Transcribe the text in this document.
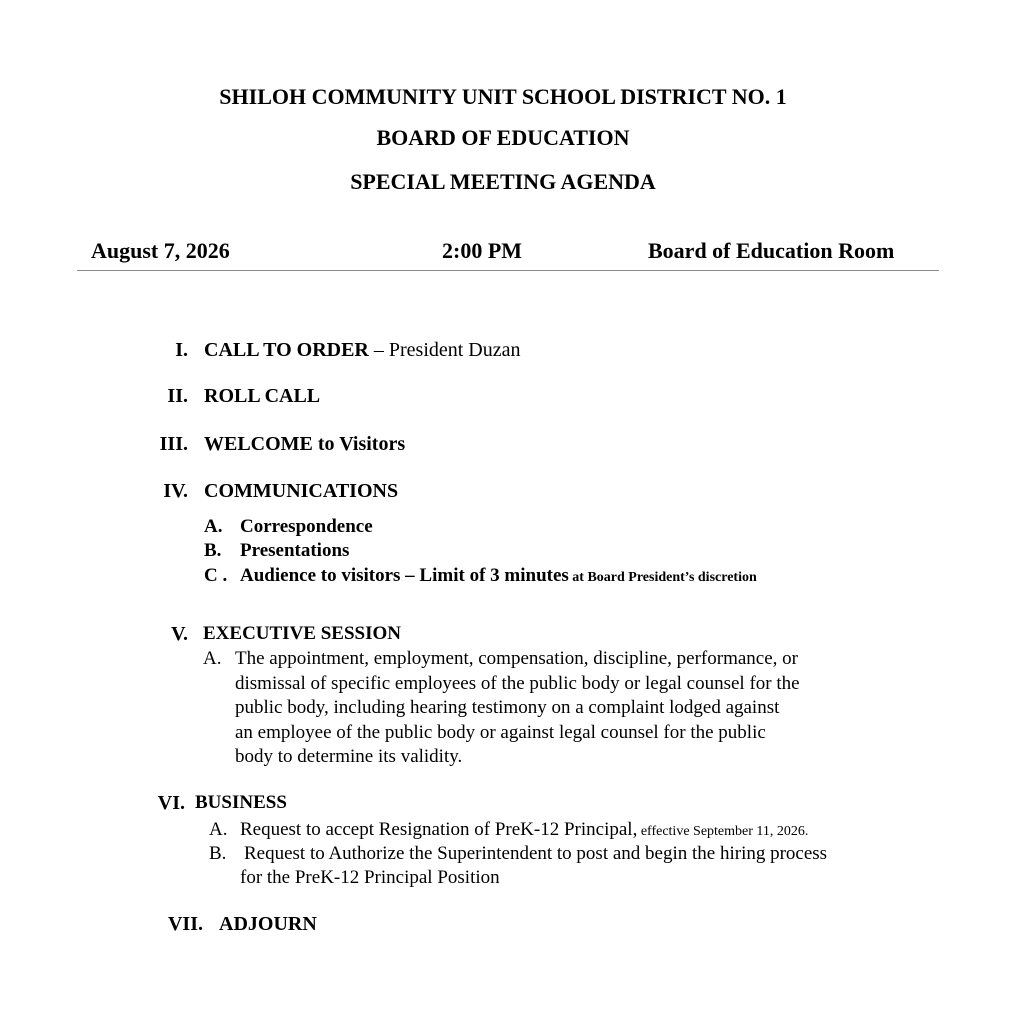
SHILOH COMMUNITY UNIT SCHOOL DISTRICT NO. 1
BOARD OF EDUCATION
SPECIAL MEETING AGENDA
August 7, 2026	2:00 PM	Board of Education Room
I. CALL TO ORDER – President Duzan
II. ROLL CALL
III. WELCOME to Visitors
IV. COMMUNICATIONS
A. Correspondence
B. Presentations
C . Audience to visitors – Limit of 3 minutes at Board President’s discretion
V. EXECUTIVE SESSION
A. The appointment, employment, compensation, discipline, performance, or
dismissal of specific employees of the public body or legal counsel for the
public body, including hearing testimony on a complaint lodged against
an employee of the public body or against legal counsel for the public
body to determine its validity.
VI. BUSINESS
A. Request to accept Resignation of PreK-12 Principal, effective September 11, 2026.
B. Request to Authorize the Superintendent to post and begin the hiring process
for the PreK-12 Principal Position
VII. ADJOURN
